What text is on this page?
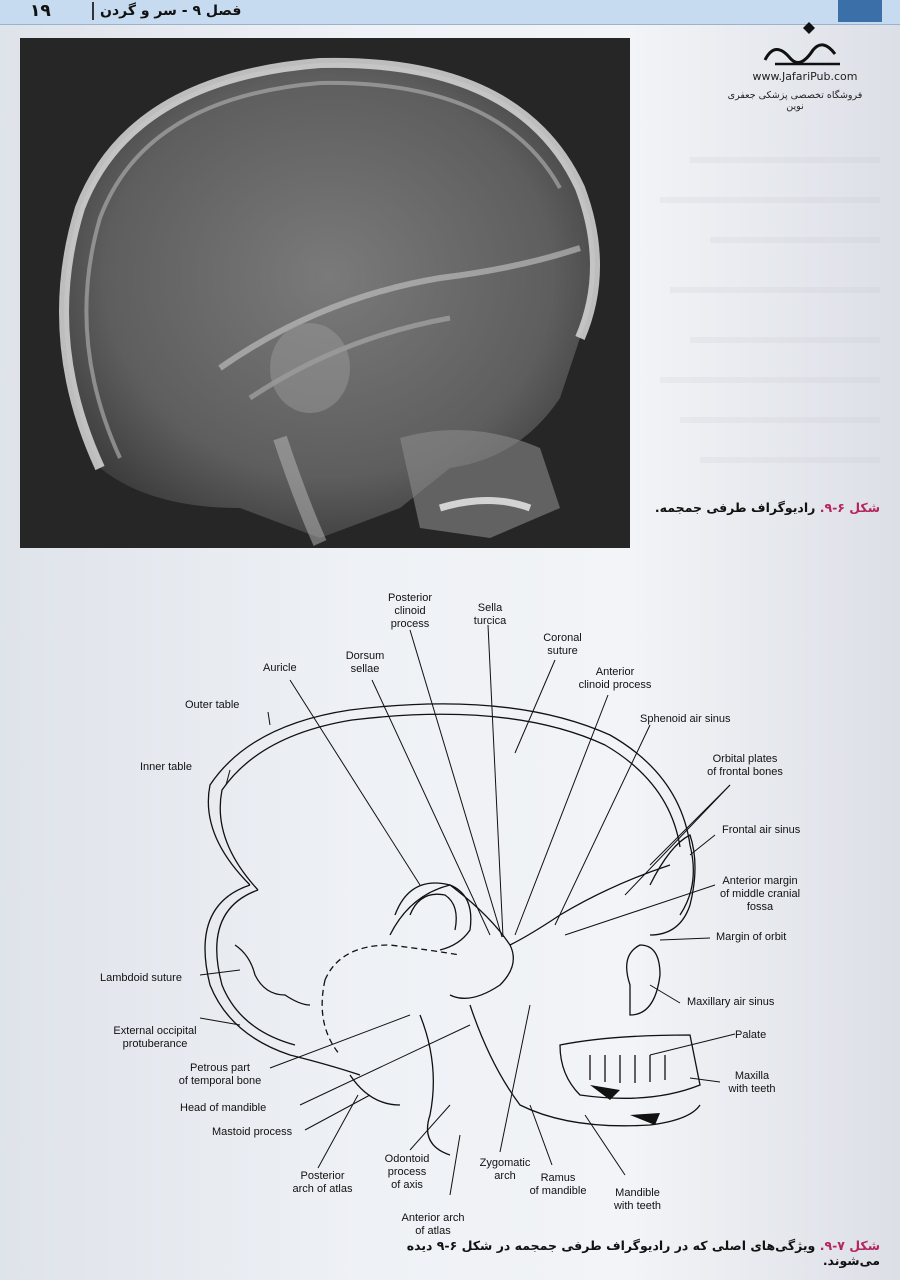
۱۹	فصل ۹ - سر و گردن
www.JafariPub.com
فروشگاه تخصصی پزشکی جعفری نوین
شکل ۶-۹. رادیوگراف طرفی جمجمه.
Posterior
clinoid
process
Sella
turcica
Coronal
suture
Dorsum
sellae	Anterior
clinoid process
Auricle
Outer table
Sphenoid air sinus
Orbital plates
of frontal bones
Inner table
Frontal air sinus
Anterior margin
of middle cranial
fossa
Margin of orbit
Lambdoid suture
Maxillary air sinus
External occipital
protuberance
Palate
Petrous part
of temporal bone	Maxilla
with teeth
Head of mandible
Mastoid process
Posterior
arch of atlas
Odontoid
process
of axis
Zygomatic
arch	Ramus
of mandible	Mandible
with teeth
Anterior arch
of atlas
شکل ۷-۹. ویژگی‌های اصلی که در رادیوگراف طرفی جمجمه در شکل ۶-۹ دیده می‌شوند.
